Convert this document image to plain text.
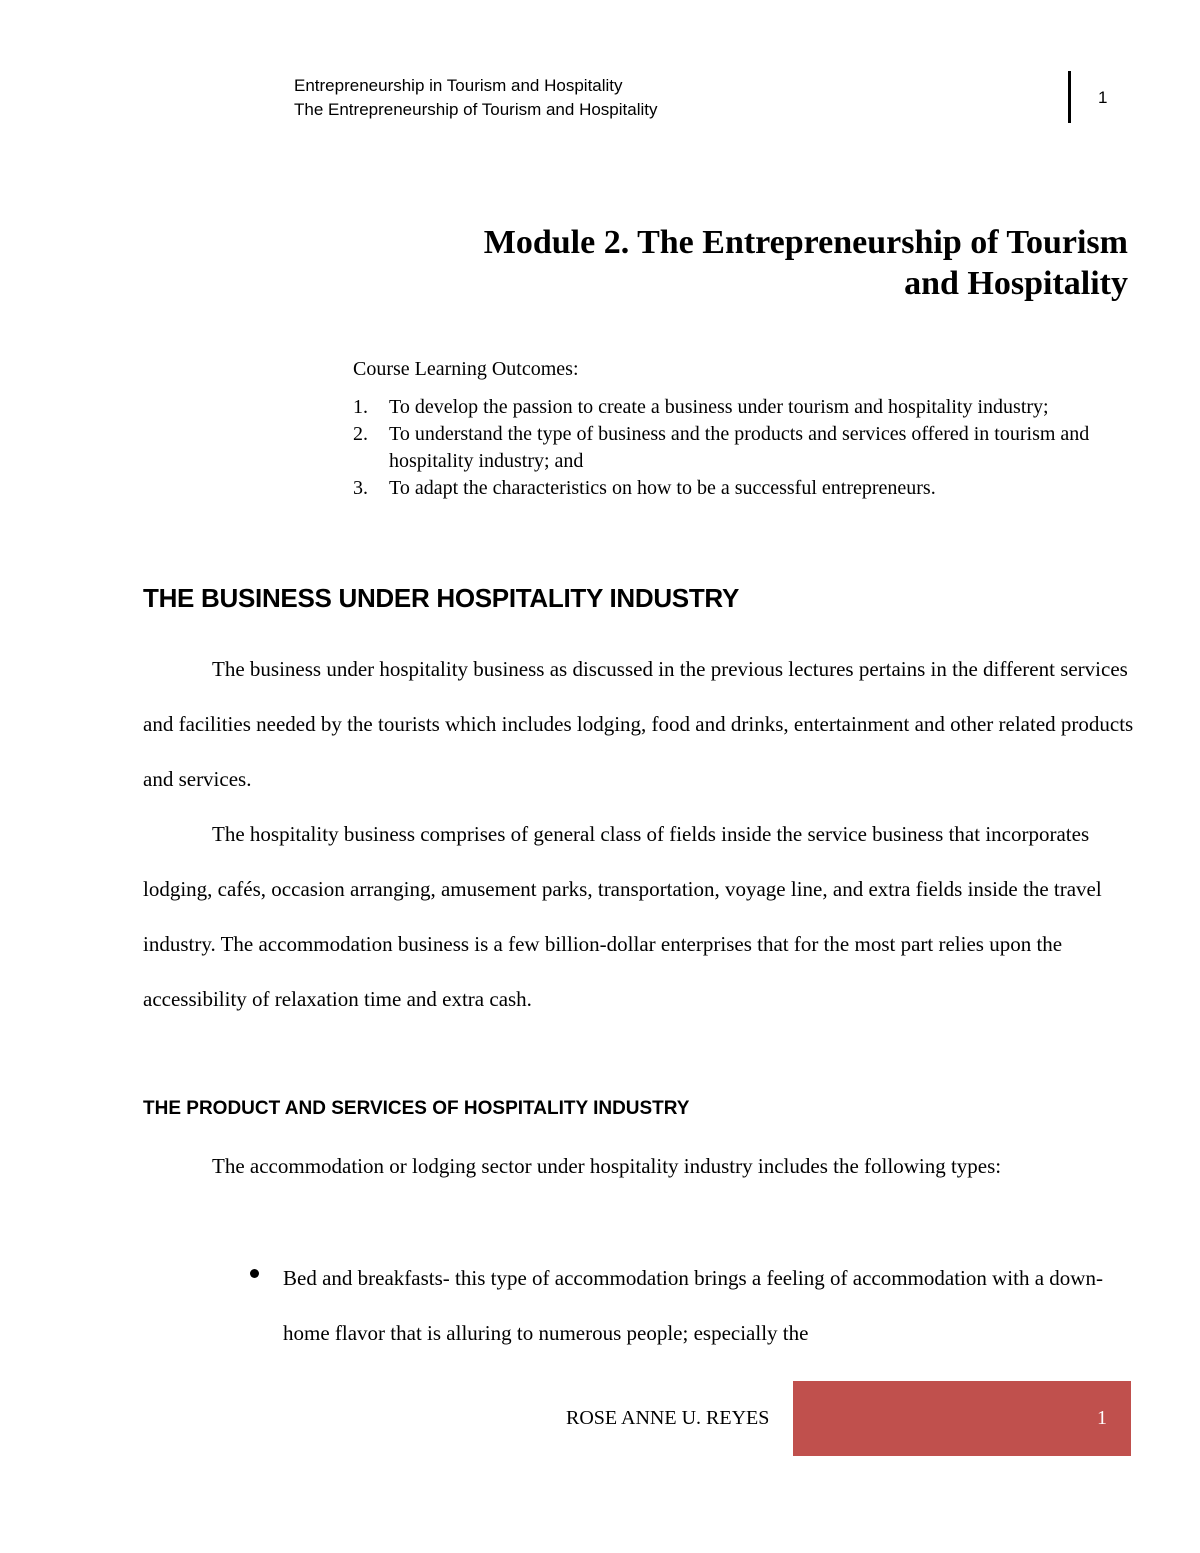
Entrepreneurship in Tourism and Hospitality
The Entrepreneurship of Tourism and Hospitality
1
Module 2. The Entrepreneurship of Tourism
and Hospitality
Course Learning Outcomes:
1. To develop the passion to create a business under tourism and hospitality industry;
2. To understand the type of business and the products and services offered in tourism and hospitality industry; and
3. To adapt the characteristics on how to be a successful entrepreneurs.
THE BUSINESS UNDER HOSPITALITY INDUSTRY

The business under hospitality business as discussed in the previous lectures pertains in the different services and facilities needed by the tourists which includes lodging, food and drinks, entertainment and other related products and services.

The hospitality business comprises of general class of fields inside the service business that incorporates lodging, cafés, occasion arranging, amusement parks, transportation, voyage line, and extra fields inside the travel industry. The accommodation business is a few billion-dollar enterprises that for the most part relies upon the accessibility of relaxation time and extra cash.

THE PRODUCT AND SERVICES OF HOSPITALITY INDUSTRY

The accommodation or lodging sector under hospitality industry includes the following types:

Bed and breakfasts- this type of accommodation brings a feeling of accommodation with a down-home flavor that is alluring to numerous people; especially the
ROSE ANNE U. REYES	1
